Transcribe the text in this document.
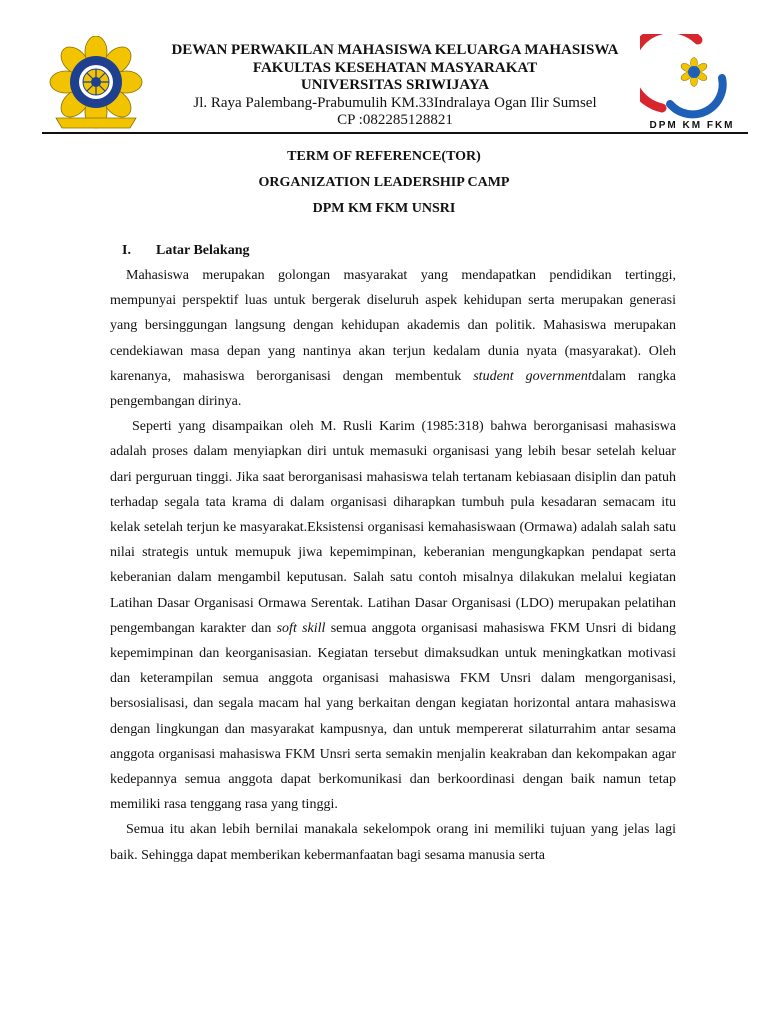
DEWAN PERWAKILAN MAHASISWA KELUARGA MAHASISWA
FAKULTAS KESEHATAN MASYARAKAT
UNIVERSITAS SRIWIJAYA
Jl. Raya Palembang-Prabumulih KM.33Indralaya Ogan Ilir Sumsel
CP :082285128821	DPM KM FKM
TERM OF REFERENCE(TOR)
ORGANIZATION LEADERSHIP CAMP
DPM KM FKM UNSRI
I. Latar Belakang

Mahasiswa merupakan golongan masyarakat yang mendapatkan pendidikan tertinggi, mempunyai perspektif luas untuk bergerak diseluruh aspek kehidupan serta merupakan generasi yang bersinggungan langsung dengan kehidupan akademis dan politik. Mahasiswa merupakan cendekiawan masa depan yang nantinya akan terjun kedalam dunia nyata (masyarakat). Oleh karenanya, mahasiswa berorganisasi dengan membentuk student governmentdalam rangka pengembangan dirinya.

Seperti yang disampaikan oleh M. Rusli Karim (1985:318) bahwa berorganisasi mahasiswa adalah proses dalam menyiapkan diri untuk memasuki organisasi yang lebih besar setelah keluar dari perguruan tinggi. Jika saat berorganisasi mahasiswa telah tertanam kebiasaan disiplin dan patuh terhadap segala tata krama di dalam organisasi diharapkan tumbuh pula kesadaran semacam itu kelak setelah terjun ke masyarakat.Eksistensi organisasi kemahasiswaan (Ormawa) adalah salah satu nilai strategis untuk memupuk jiwa kepemimpinan, keberanian mengungkapkan pendapat serta keberanian dalam mengambil keputusan. Salah satu contoh misalnya dilakukan melalui kegiatan Latihan Dasar Organisasi Ormawa Serentak. Latihan Dasar Organisasi (LDO) merupakan pelatihan pengembangan karakter dan soft skill semua anggota organisasi mahasiswa FKM Unsri di bidang kepemimpinan dan keorganisasian. Kegiatan tersebut dimaksudkan untuk meningkatkan motivasi dan keterampilan semua anggota organisasi mahasiswa FKM Unsri dalam mengorganisasi, bersosialisasi, dan segala macam hal yang berkaitan dengan kegiatan horizontal antara mahasiswa dengan lingkungan dan masyarakat kampusnya, dan untuk mempererat silaturrahim antar sesama anggota organisasi mahasiswa FKM Unsri serta semakin menjalin keakraban dan kekompakan agar kedepannya semua anggota dapat berkomunikasi dan berkoordinasi dengan baik namun tetap memiliki rasa tenggang rasa yang tinggi.

Semua itu akan lebih bernilai manakala sekelompok orang ini memiliki tujuan yang jelas lagi baik. Sehingga dapat memberikan kebermanfaatan bagi sesama manusia serta
